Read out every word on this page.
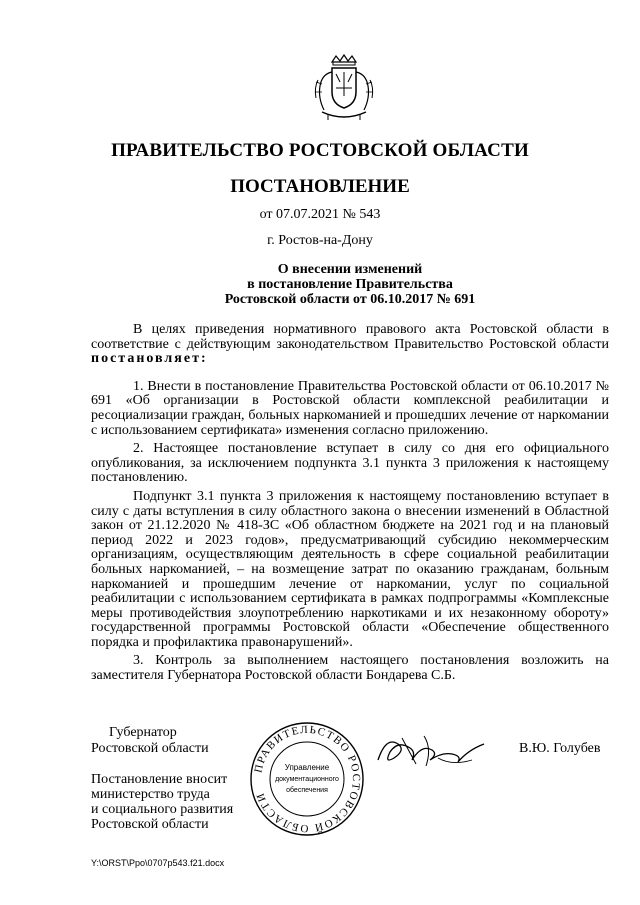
ПРАВИТЕЛЬСТВО РОСТОВСКОЙ ОБЛАСТИ
ПОСТАНОВЛЕНИЕ
от 07.07.2021 № 543
г. Ростов-на-Дону
О внесении изменений
в постановление Правительства
Ростовской области от 06.10.2017 № 691

В целях приведения нормативного правового акта Ростовской области в соответствие с действующим законодательством Правительство Ростовской области постановляет:

1. Внести в постановление Правительства Ростовской области от 06.10.2017 № 691 «Об организации в Ростовской области комплексной реабилитации и ресоциализации граждан, больных наркоманией и прошедших лечение от наркомании с использованием сертификата» изменения согласно приложению.

2. Настоящее постановление вступает в силу со дня его официального опубликования, за исключением подпункта 3.1 пункта 3 приложения к настоящему постановлению.

Подпункт 3.1 пункта 3 приложения к настоящему постановлению вступает в силу с даты вступления в силу областного закона о внесении изменений в Областной закон от 21.12.2020 № 418-ЗС «Об областном бюджете на 2021 год и на плановый период 2022 и 2023 годов», предусматривающий субсидию некоммерческим организациям, осуществляющим деятельность в сфере социальной реабилитации больных наркоманией, – на возмещение затрат по оказанию гражданам, больным наркоманией и прошедшим лечение от наркомании, услуг по социальной реабилитации с использованием сертификата в рамках подпрограммы «Комплексные меры противодействия злоупотреблению наркотиками и их незаконному обороту» государственной программы Ростовской области «Обеспечение общественного порядка и профилактика правонарушений».

3. Контроль за выполнением настоящего постановления возложить на заместителя Губернатора Ростовской области Бондарева С.Б.

Губернатор
Ростовской области	В.Ю. Голубев
Постановление вносит
министерство труда
и социального развития
Ростовской области
ПРАВИТЕЛЬСТВО РОСТОВСКОЙ ОБЛАСТИ
Управление
документационного
обеспечения
Y:\ORST\Ppo\0707p543.f21.docx
